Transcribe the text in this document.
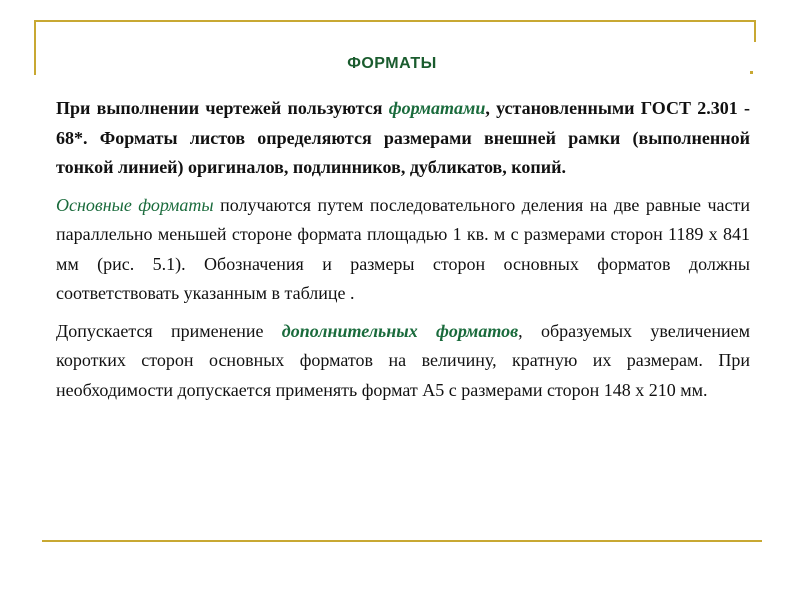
ФОРМАТЫ

При выполнении чертежей пользуются форматами, установленными ГОСТ 2.301 - 68*. Форматы листов определяются размерами внешней рамки (выполненной тонкой линией) оригиналов, подлинников, дубликатов, копий.

Основные форматы получаются путем последовательного деления на две равные части параллельно меньшей стороне формата площадью 1 кв. м с размерами сторон 1189 х 841 мм (рис. 5.1). Обозначения и размеры сторон основных форматов должны соответствовать указанным в таблице .

Допускается применение дополнительных форматов, образуемых увеличением коротких сторон основных форматов на величину, кратную их размерам. При необходимости допускается применять формат А5 с размерами сторон 148 х 210 мм.
